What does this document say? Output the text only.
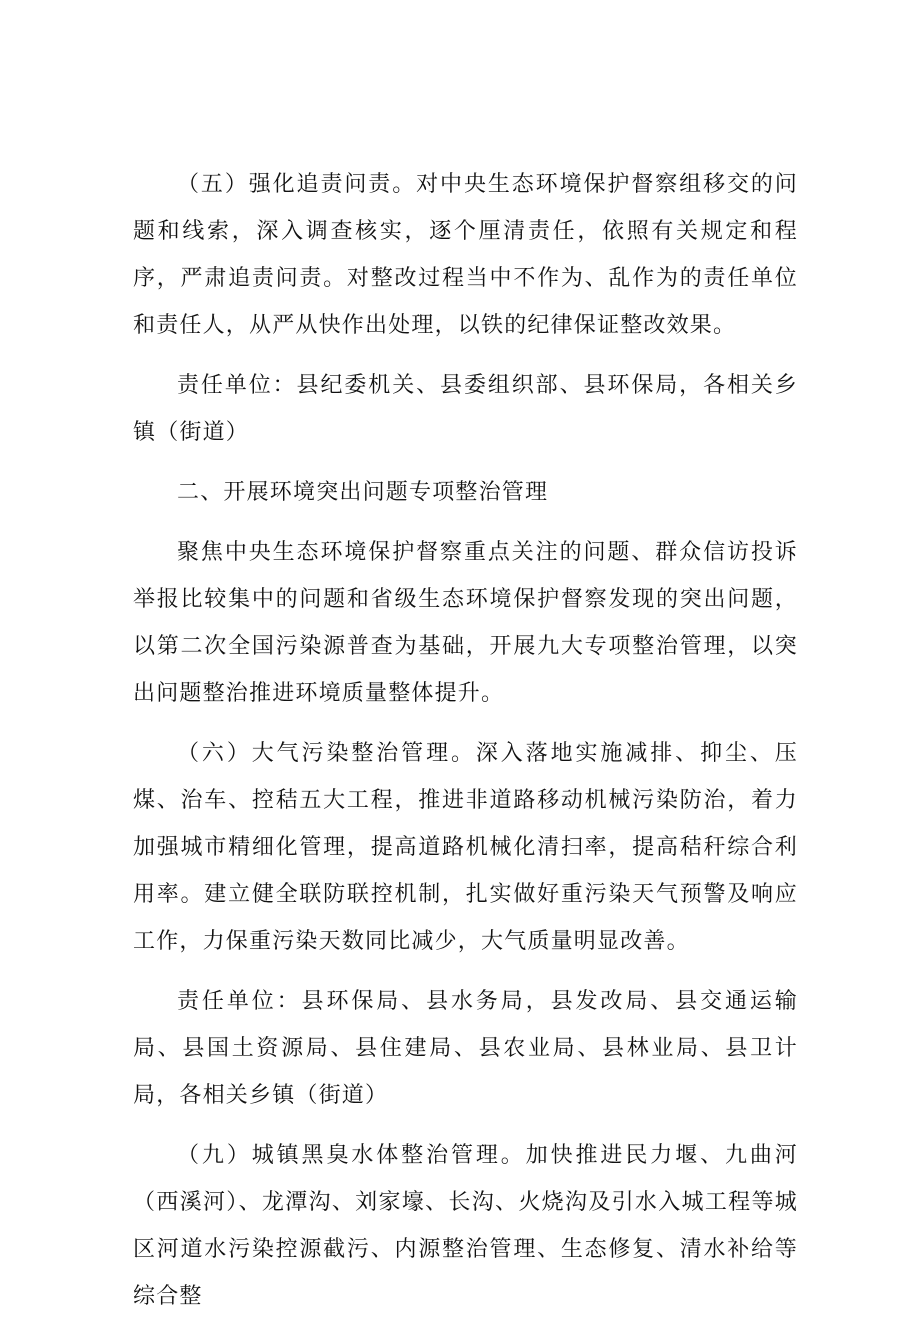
（五）强化追责问责。对中央生态环境保护督察组移交的问题和线索，深入调查核实，逐个厘清责任，依照有关规定和程序，严肃追责问责。对整改过程当中不作为、乱作为的责任单位和责任人，从严从快作出处理，以铁的纪律保证整改效果。

责任单位：县纪委机关、县委组织部、县环保局，各相关乡镇（街道）

二、开展环境突出问题专项整治管理

聚焦中央生态环境保护督察重点关注的问题、群众信访投诉举报比较集中的问题和省级生态环境保护督察发现的突出问题，以第二次全国污染源普查为基础，开展九大专项整治管理，以突出问题整治推进环境质量整体提升。

（六）大气污染整治管理。深入落地实施减排、抑尘、压煤、治车、控秸五大工程，推进非道路移动机械污染防治，着力加强城市精细化管理，提高道路机械化清扫率，提高秸秆综合利用率。建立健全联防联控机制，扎实做好重污染天气预警及响应工作，力保重污染天数同比减少，大气质量明显改善。

责任单位：县环保局、县水务局，县发改局、县交通运输局、县国土资源局、县住建局、县农业局、县林业局、县卫计局，各相关乡镇（街道）

（九）城镇黑臭水体整治管理。加快推进民力堰、九曲河（西溪河）、龙潭沟、刘家壕、长沟、火烧沟及引水入城工程等城区河道水污染控源截污、内源整治管理、生态修复、清水补给等综合整
